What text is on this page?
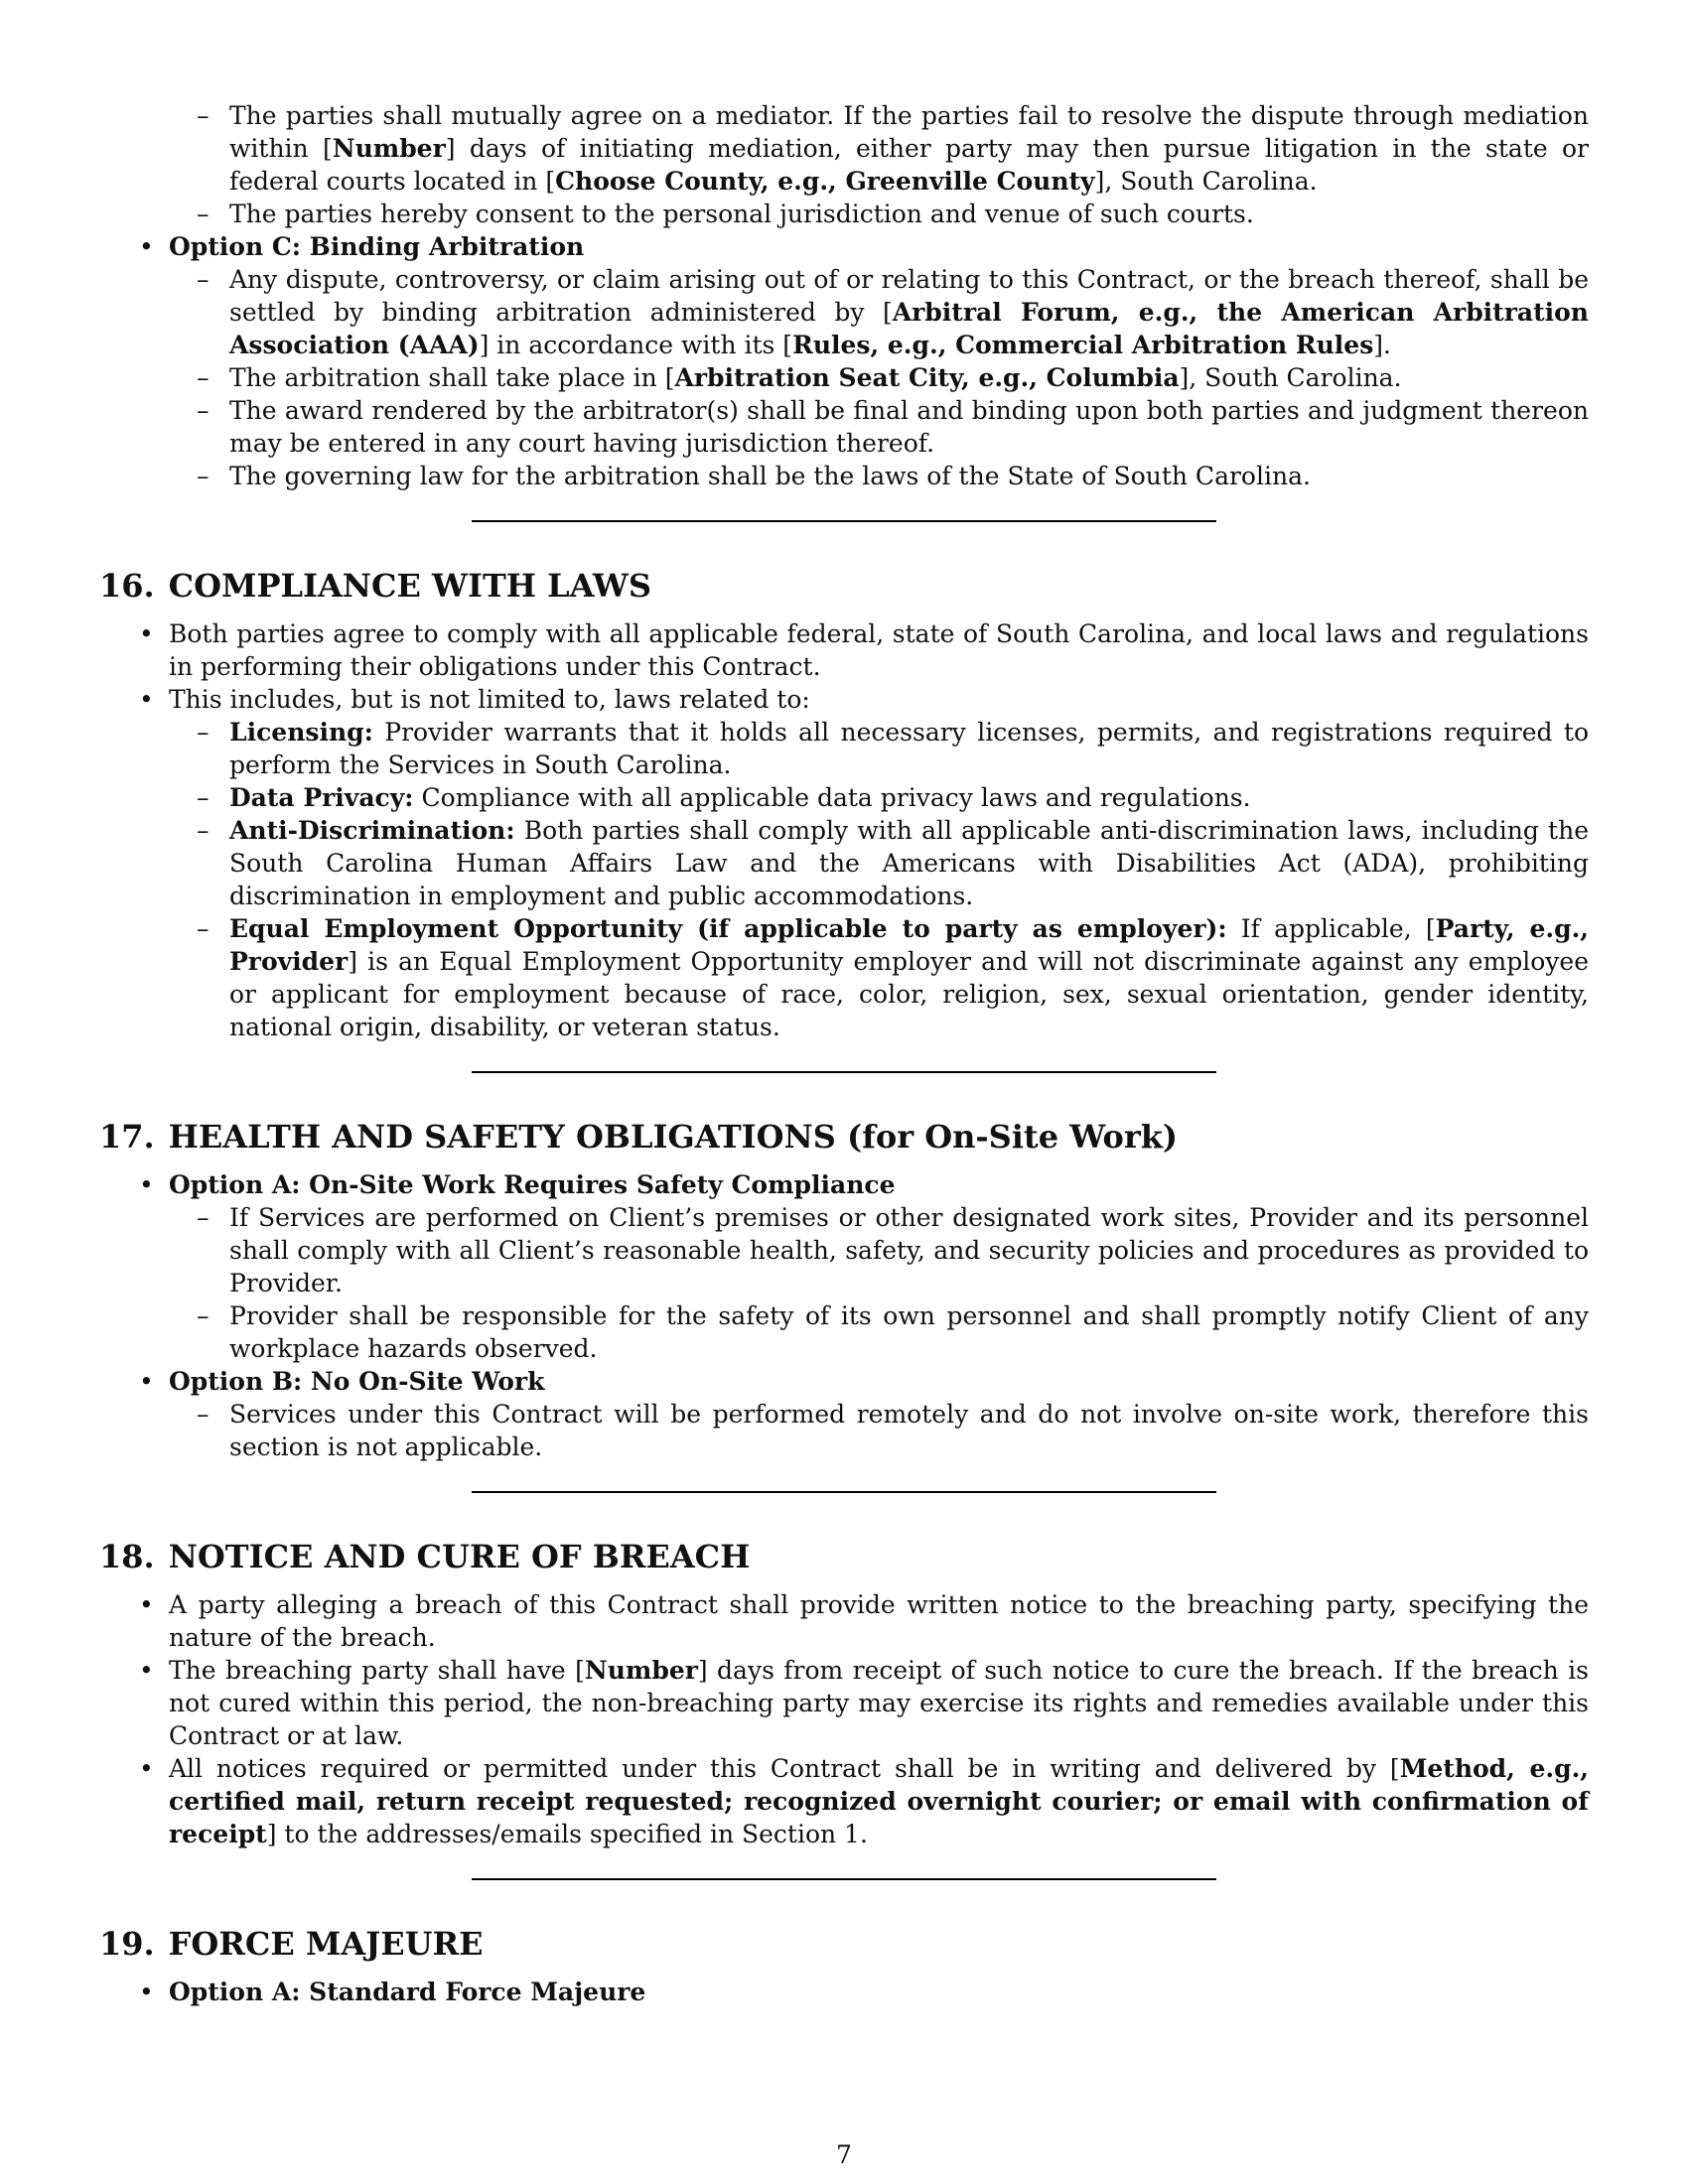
– The parties shall mutually agree on a mediator. If the parties fail to resolve the dispute through mediation within [Number] days of initiating mediation, either party may then pursue litigation in the state or federal courts located in [Choose County, e.g., Greenville County], South Carolina.
– The parties hereby consent to the personal jurisdiction and venue of such courts.
• Option C: Binding Arbitration
– Any dispute, controversy, or claim arising out of or relating to this Contract, or the breach thereof, shall be settled by binding arbitration administered by [Arbitral Forum, e.g., the American Arbitration Association (AAA)] in accordance with its [Rules, e.g., Commercial Arbitration Rules].
– The arbitration shall take place in [Arbitration Seat City, e.g., Columbia], South Carolina.
– The award rendered by the arbitrator(s) shall be final and binding upon both parties and judgment thereon may be entered in any court having jurisdiction thereof.
– The governing law for the arbitration shall be the laws of the State of South Carolina.
16. COMPLIANCE WITH LAWS
• Both parties agree to comply with all applicable federal, state of South Carolina, and local laws and regulations in performing their obligations under this Contract.
• This includes, but is not limited to, laws related to:
– Licensing: Provider warrants that it holds all necessary licenses, permits, and registrations required to perform the Services in South Carolina.
– Data Privacy: Compliance with all applicable data privacy laws and regulations.
– Anti-Discrimination: Both parties shall comply with all applicable anti-discrimination laws, including the South Carolina Human Affairs Law and the Americans with Disabilities Act (ADA), prohibiting discrimination in employment and public accommodations.
– Equal Employment Opportunity (if applicable to party as employer): If applicable, [Party, e.g., Provider] is an Equal Employment Opportunity employer and will not discriminate against any employee or applicant for employment because of race, color, religion, sex, sexual orientation, gender identity, national origin, disability, or veteran status.
17. HEALTH AND SAFETY OBLIGATIONS (for On-Site Work)
• Option A: On-Site Work Requires Safety Compliance
– If Services are performed on Client’s premises or other designated work sites, Provider and its personnel shall comply with all Client’s reasonable health, safety, and security policies and procedures as provided to Provider.
– Provider shall be responsible for the safety of its own personnel and shall promptly notify Client of any workplace hazards observed.
• Option B: No On-Site Work
– Services under this Contract will be performed remotely and do not involve on-site work, therefore this section is not applicable.
18. NOTICE AND CURE OF BREACH
• A party alleging a breach of this Contract shall provide written notice to the breaching party, specifying the nature of the breach.
• The breaching party shall have [Number] days from receipt of such notice to cure the breach. If the breach is not cured within this period, the non-breaching party may exercise its rights and remedies available under this Contract or at law.
• All notices required or permitted under this Contract shall be in writing and delivered by [Method, e.g., certified mail, return receipt requested; recognized overnight courier; or email with confirmation of receipt] to the addresses/emails specified in Section 1.
19. FORCE MAJEURE
• Option A: Standard Force Majeure
7
